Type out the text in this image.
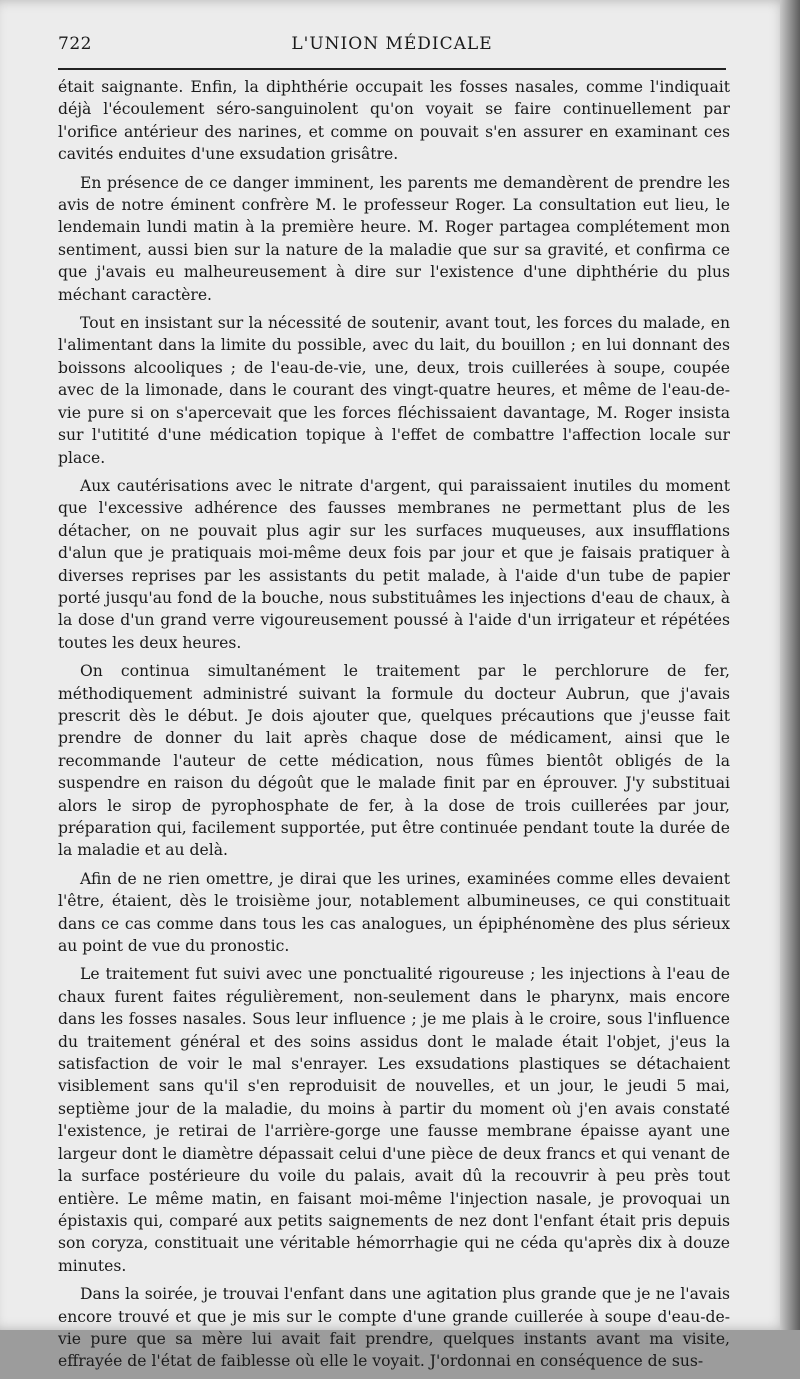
722	L'UNION MÉDICALE

était saignante. Enfin, la diphthérie occupait les fosses nasales, comme l'indiquait déjà l'écoulement séro-sanguinolent qu'on voyait se faire continuellement par l'orifice antérieur des narines, et comme on pouvait s'en assurer en examinant ces cavités enduites d'une exsudation grisâtre.

En présence de ce danger imminent, les parents me demandèrent de prendre les avis de notre éminent confrère M. le professeur Roger. La consultation eut lieu, le lendemain lundi matin à la première heure. M. Roger partagea complétement mon sentiment, aussi bien sur la nature de la maladie que sur sa gravité, et confirma ce que j'avais eu malheureusement à dire sur l'existence d'une diphthérie du plus méchant caractère.

Tout en insistant sur la nécessité de soutenir, avant tout, les forces du malade, en l'alimentant dans la limite du possible, avec du lait, du bouillon ; en lui donnant des boissons alcooliques ; de l'eau-de-vie, une, deux, trois cuillerées à soupe, coupée avec de la limonade, dans le courant des vingt-quatre heures, et même de l'eau-de-vie pure si on s'apercevait que les forces fléchissaient davantage, M. Roger insista sur l'utitité d'une médication topique à l'effet de combattre l'affection locale sur place.

Aux cautérisations avec le nitrate d'argent, qui paraissaient inutiles du moment que l'excessive adhérence des fausses membranes ne permettant plus de les détacher, on ne pouvait plus agir sur les surfaces muqueuses, aux insufflations d'alun que je pratiquais moi-même deux fois par jour et que je faisais pratiquer à diverses reprises par les assistants du petit malade, à l'aide d'un tube de papier porté jusqu'au fond de la bouche, nous substituâmes les injections d'eau de chaux, à la dose d'un grand verre vigoureusement poussé à l'aide d'un irrigateur et répétées toutes les deux heures.

On continua simultanément le traitement par le perchlorure de fer, méthodiquement administré suivant la formule du docteur Aubrun, que j'avais prescrit dès le début. Je dois ajouter que, quelques précautions que j'eusse fait prendre de donner du lait après chaque dose de médicament, ainsi que le recommande l'auteur de cette médication, nous fûmes bientôt obligés de la suspendre en raison du dégoût que le malade finit par en éprouver. J'y substituai alors le sirop de pyrophosphate de fer, à la dose de trois cuillerées par jour, préparation qui, facilement supportée, put être continuée pendant toute la durée de la maladie et au delà.

Afin de ne rien omettre, je dirai que les urines, examinées comme elles devaient l'être, étaient, dès le troisième jour, notablement albumineuses, ce qui constituait dans ce cas comme dans tous les cas analogues, un épiphénomène des plus sérieux au point de vue du pronostic.

Le traitement fut suivi avec une ponctualité rigoureuse ; les injections à l'eau de chaux furent faites régulièrement, non-seulement dans le pharynx, mais encore dans les fosses nasales. Sous leur influence ; je me plais à le croire, sous l'influence du traitement général et des soins assidus dont le malade était l'objet, j'eus la satisfaction de voir le mal s'enrayer. Les exsudations plastiques se détachaient visiblement sans qu'il s'en reproduisit de nouvelles, et un jour, le jeudi 5 mai, septième jour de la maladie, du moins à partir du moment où j'en avais constaté l'existence, je retirai de l'arrière-gorge une fausse membrane épaisse ayant une largeur dont le diamètre dépassait celui d'une pièce de deux francs et qui venant de la surface postérieure du voile du palais, avait dû la recouvrir à peu près tout entière. Le même matin, en faisant moi-même l'injection nasale, je provoquai un épistaxis qui, comparé aux petits saignements de nez dont l'enfant était pris depuis son coryza, constituait une véritable hémorrhagie qui ne céda qu'après dix à douze minutes.

Dans la soirée, je trouvai l'enfant dans une agitation plus grande que je ne l'avais encore trouvé et que je mis sur le compte d'une grande cuillerée à soupe d'eau-de-vie pure que sa mère lui avait fait prendre, quelques instants avant ma visite, effrayée de l'état de faiblesse où elle le voyait. J'ordonnai en conséquence de sus-
